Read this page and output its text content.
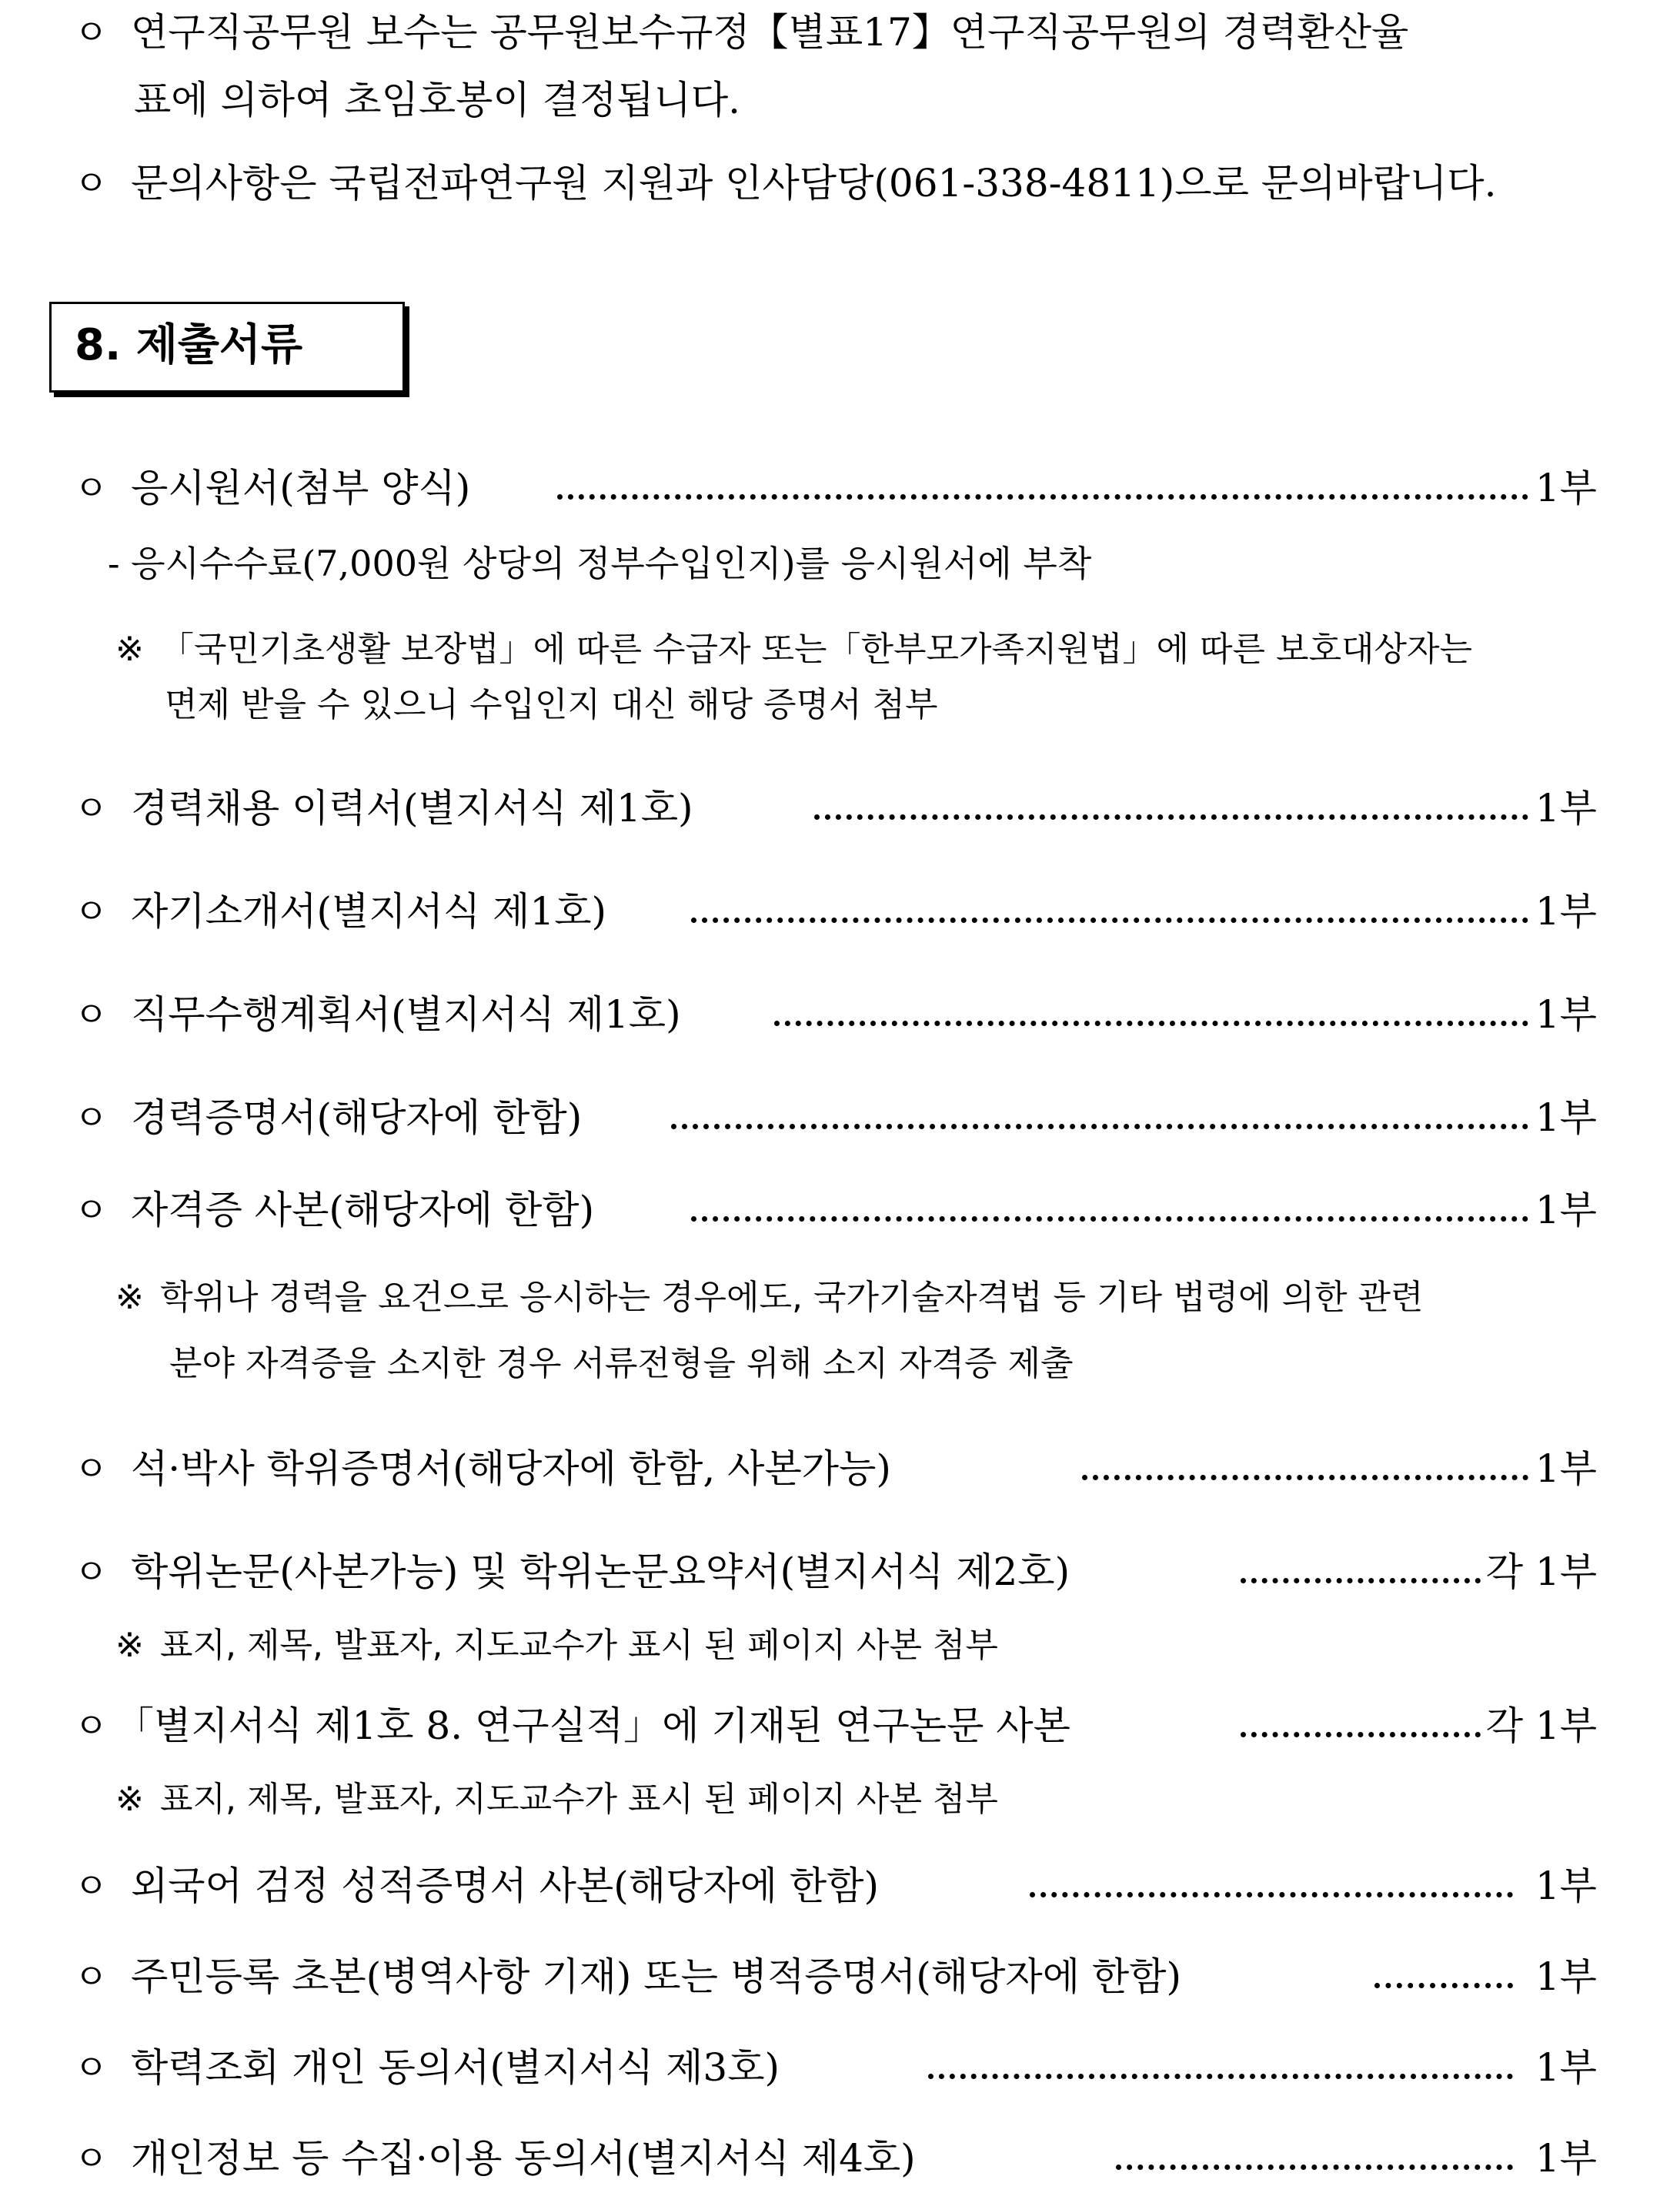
ㅇ 연구직공무원 보수는 공무원보수규정【별표17】연구직공무원의 경력환산율
표에 의하여 초임호봉이 결정됩니다.
ㅇ 문의사항은 국립전파연구원 지원과 인사담당(061-338-4811)으로 문의바랍니다.
8. 제출서류
ㅇ 응시원서(첨부 양식)	1부
- 응시수수료(7,000원 상당의 정부수입인지)를 응시원서에 부착
※ 「국민기초생활 보장법」에 따른 수급자 또는「한부모가족지원법」에 따른 보호대상자는
면제 받을 수 있으니 수입인지 대신 해당 증명서 첨부
ㅇ 경력채용 이력서(별지서식 제1호)	1부
ㅇ 자기소개서(별지서식 제1호)	1부
ㅇ 직무수행계획서(별지서식 제1호)	1부
ㅇ 경력증명서(해당자에 한함)	1부
ㅇ 자격증 사본(해당자에 한함)	1부
※ 학위나 경력을 요건으로 응시하는 경우에도, 국가기술자격법 등 기타 법령에 의한 관련
분야 자격증을 소지한 경우 서류전형을 위해 소지 자격증 제출
ㅇ 석·박사 학위증명서(해당자에 한함, 사본가능)	1부
ㅇ 학위논문(사본가능) 및 학위논문요약서(별지서식 제2호)	각 1부
※ 표지, 제목, 발표자, 지도교수가 표시 된 페이지 사본 첨부
ㅇ 「별지서식 제1호 8. 연구실적」에 기재된 연구논문 사본	각 1부
※ 표지, 제목, 발표자, 지도교수가 표시 된 페이지 사본 첨부
ㅇ 외국어 검정 성적증명서 사본(해당자에 한함)	1부
ㅇ 주민등록 초본(병역사항 기재) 또는 병적증명서(해당자에 한함)	1부
ㅇ 학력조회 개인 동의서(별지서식 제3호)	1부
ㅇ 개인정보 등 수집·이용 동의서(별지서식 제4호)	1부
